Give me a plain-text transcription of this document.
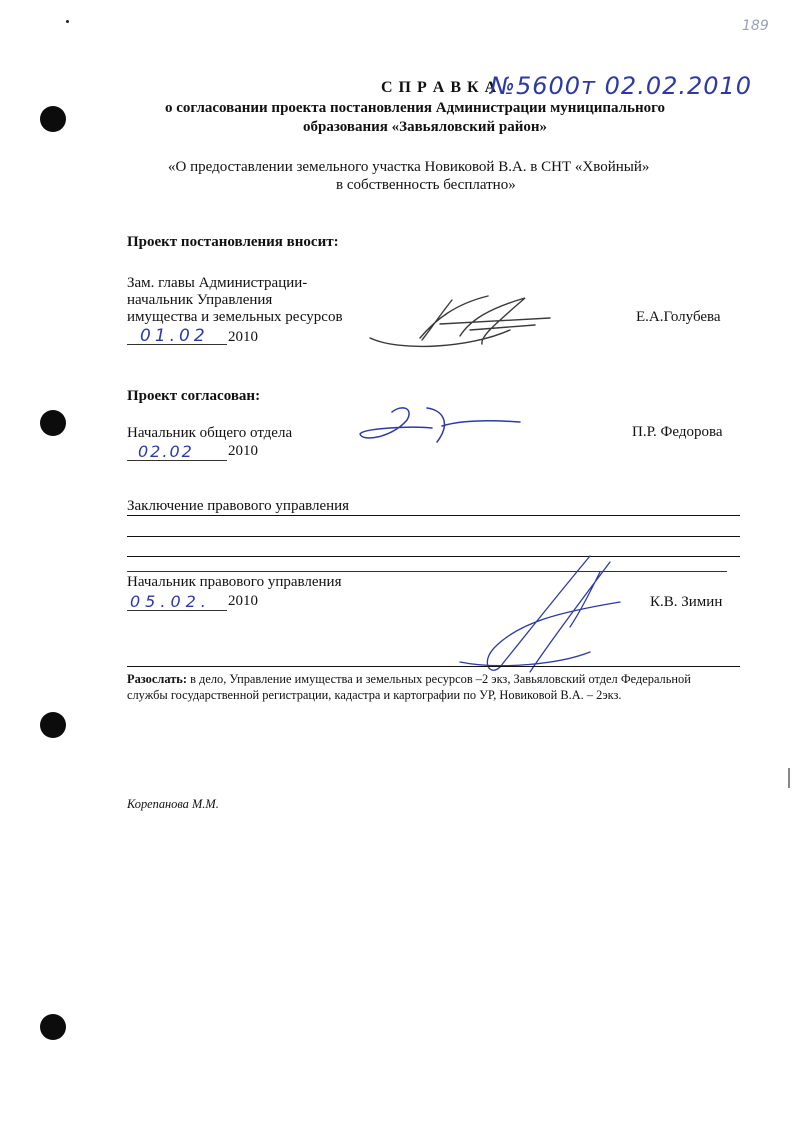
189
С П Р А В К А
№5600т 02.02.2010
о согласовании проекта постановления Администрации муниципального
образования «Завьяловский район»
«О предоставлении земельного участка Новиковой В.А. в СНТ «Хвойный»
в собственность бесплатно»
Проект постановления вносит:
Зам. главы Администрации-
начальник Управления
имущества и земельных ресурсов
01.02 2010
Е.А.Голубева
Проект согласован:
Начальник общего отдела
02.02 2010
П.Р. Федорова
Заключение правового управления
Начальник правового управления
05.02. 2010	К.В. Зимин
Разослать: в дело, Управление имущества и земельных ресурсов –2 экз, Завьяловский отдел Федеральной
службы государственной регистрации, кадастра и картографии по УР, Новиковой В.А. – 2экз.
Корепанова М.М.
